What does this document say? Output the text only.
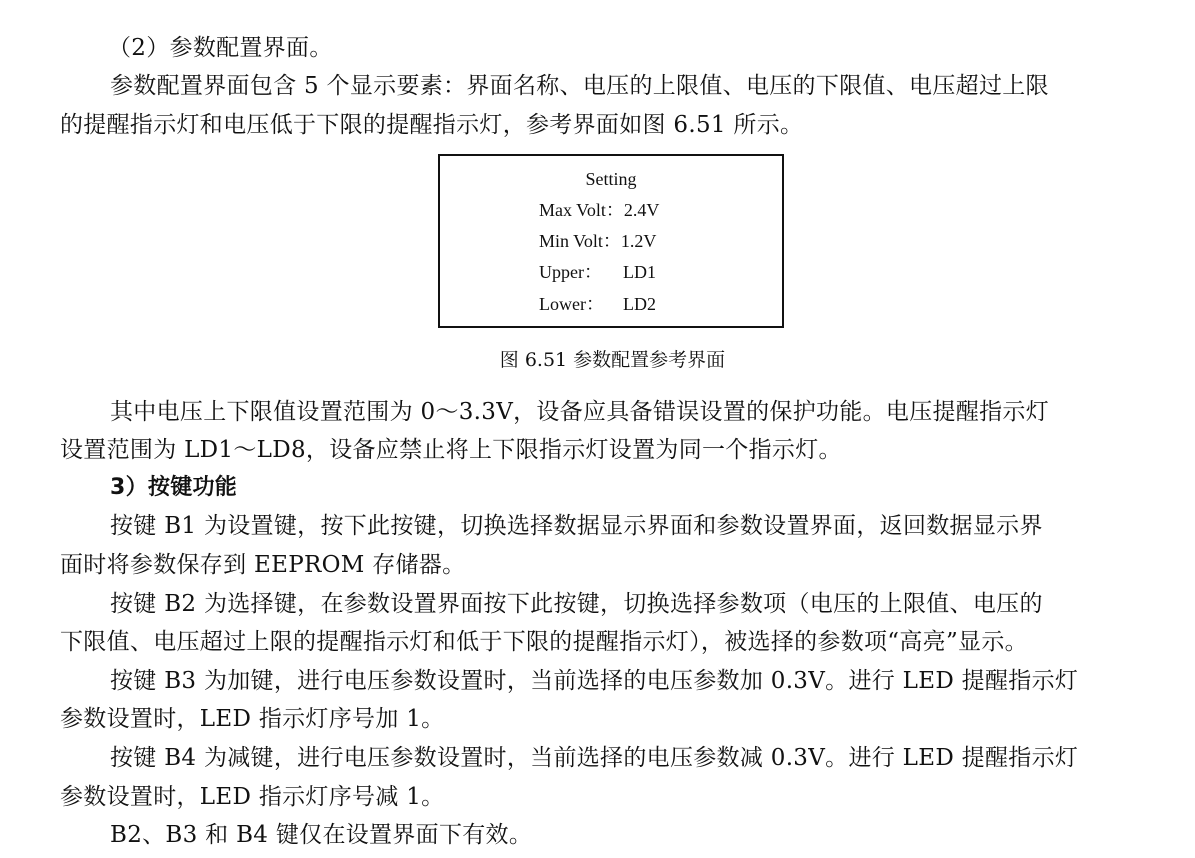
（2）参数配置界面。
参数配置界面包含 5 个显示要素：界面名称、电压的上限值、电压的下限值、电压超过上限
的提醒指示灯和电压低于下限的提醒指示灯，参考界面如图 6.51 所示。
Setting
Max Volt：2.4V
Min Volt：1.2V
Upper： LD1
Lower： LD2
图 6.51 参数配置参考界面
其中电压上下限值设置范围为 0～3.3V，设备应具备错误设置的保护功能。电压提醒指示灯
设置范围为 LD1～LD8，设备应禁止将上下限指示灯设置为同一个指示灯。
3）按键功能
按键 B1 为设置键，按下此按键，切换选择数据显示界面和参数设置界面，返回数据显示界
面时将参数保存到 EEPROM 存储器。
按键 B2 为选择键，在参数设置界面按下此按键，切换选择参数项（电压的上限值、电压的
下限值、电压超过上限的提醒指示灯和低于下限的提醒指示灯），被选择的参数项“高亮”显示。
按键 B3 为加键，进行电压参数设置时，当前选择的电压参数加 0.3V。进行 LED 提醒指示灯
参数设置时，LED 指示灯序号加 1。
按键 B4 为减键，进行电压参数设置时，当前选择的电压参数减 0.3V。进行 LED 提醒指示灯
参数设置时，LED 指示灯序号减 1。
B2、B3 和 B4 键仅在设置界面下有效。
